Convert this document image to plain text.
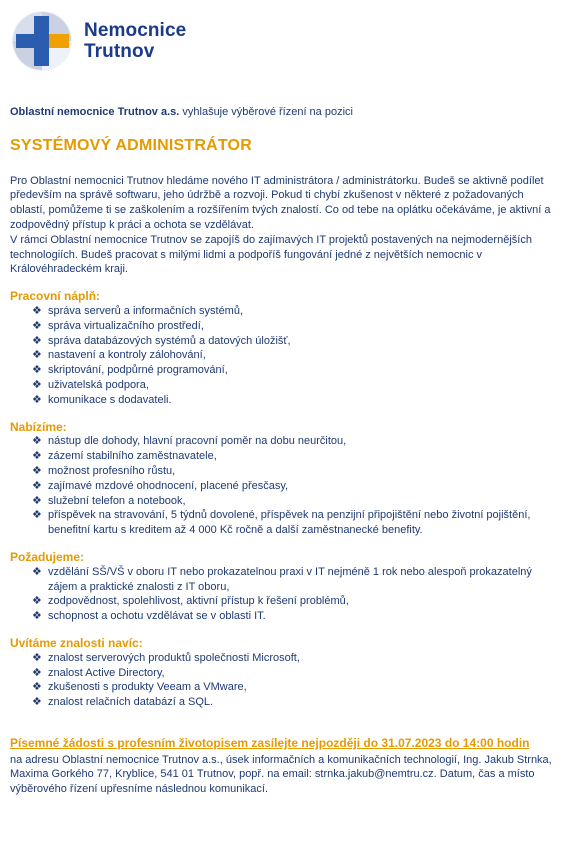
Nemocnice
Trutnov

Oblastní nemocnice Trutnov a.s. vyhlašuje výběrové řízení na pozici

SYSTÉMOVÝ ADMINISTRÁTOR

Pro Oblastní nemocnici Trutnov hledáme nového IT administrátora / administrátorku. Budeš se aktivně podílet především na správě softwaru, jeho údržbě a rozvoji. Pokud ti chybí zkušenost v některé z požadovaných oblastí, pomůžeme ti se zaškolením a rozšířením tvých znalostí. Co od tebe na oplátku očekáváme, je aktivní a zodpovědný přístup k práci a ochota se vzdělávat.

V rámci Oblastní nemocnice Trutnov se zapojíš do zajímavých IT projektů postavených na nejmodernějších technologiích. Budeš pracovat s milými lidmi a podpoříš fungování jedné z největších nemocnic v Královéhradeckém kraji.

Pracovní náplň:
❖ správa serverů a informačních systémů,
❖ správa virtualizačního prostředí,
❖ správa databázových systémů a datových úložišť,
❖ nastavení a kontroly zálohování,
❖ skriptování, podpůrné programování,
❖ uživatelská podpora,
❖ komunikace s dodavateli.
Nabízíme:
❖ nástup dle dohody, hlavní pracovní poměr na dobu neurčitou,
❖ zázemí stabilního zaměstnavatele,
❖ možnost profesního růstu,
❖ zajímavé mzdové ohodnocení, placené přesčasy,
❖ služební telefon a notebook,
❖ příspěvek na stravování, 5 týdnů dovolené, příspěvek na penzijní připojištění nebo životní pojištění, benefitní kartu s kreditem až 4 000 Kč ročně a další zaměstnanecké benefity.
Požadujeme:
❖ vzdělání SŠ/VŠ v oboru IT nebo prokazatelnou praxi v IT nejméně 1 rok nebo alespoň prokazatelný zájem a praktické znalosti z IT oboru,
❖ zodpovědnost, spolehlivost, aktivní přístup k řešení problémů,
❖ schopnost a ochotu vzdělávat se v oblasti IT.
Uvítáme znalosti navíc:
❖ znalost serverových produktů společnosti Microsoft,
❖ znalost Active Directory,
❖ zkušenosti s produkty Veeam a VMware,
❖ znalost relačních databází a SQL.
Písemné žádosti s profesním životopisem zasílejte nejpozději do 31.07.2023 do 14:00 hodin

na adresu Oblastní nemocnice Trutnov a.s., úsek informačních a komunikačních technologií, Ing. Jakub Strnka, Maxima Gorkého 77, Kryblice, 541 01 Trutnov, popř. na email: strnka.jakub@nemtru.cz. Datum, čas a místo výběrového řízení upřesníme následnou komunikací.
